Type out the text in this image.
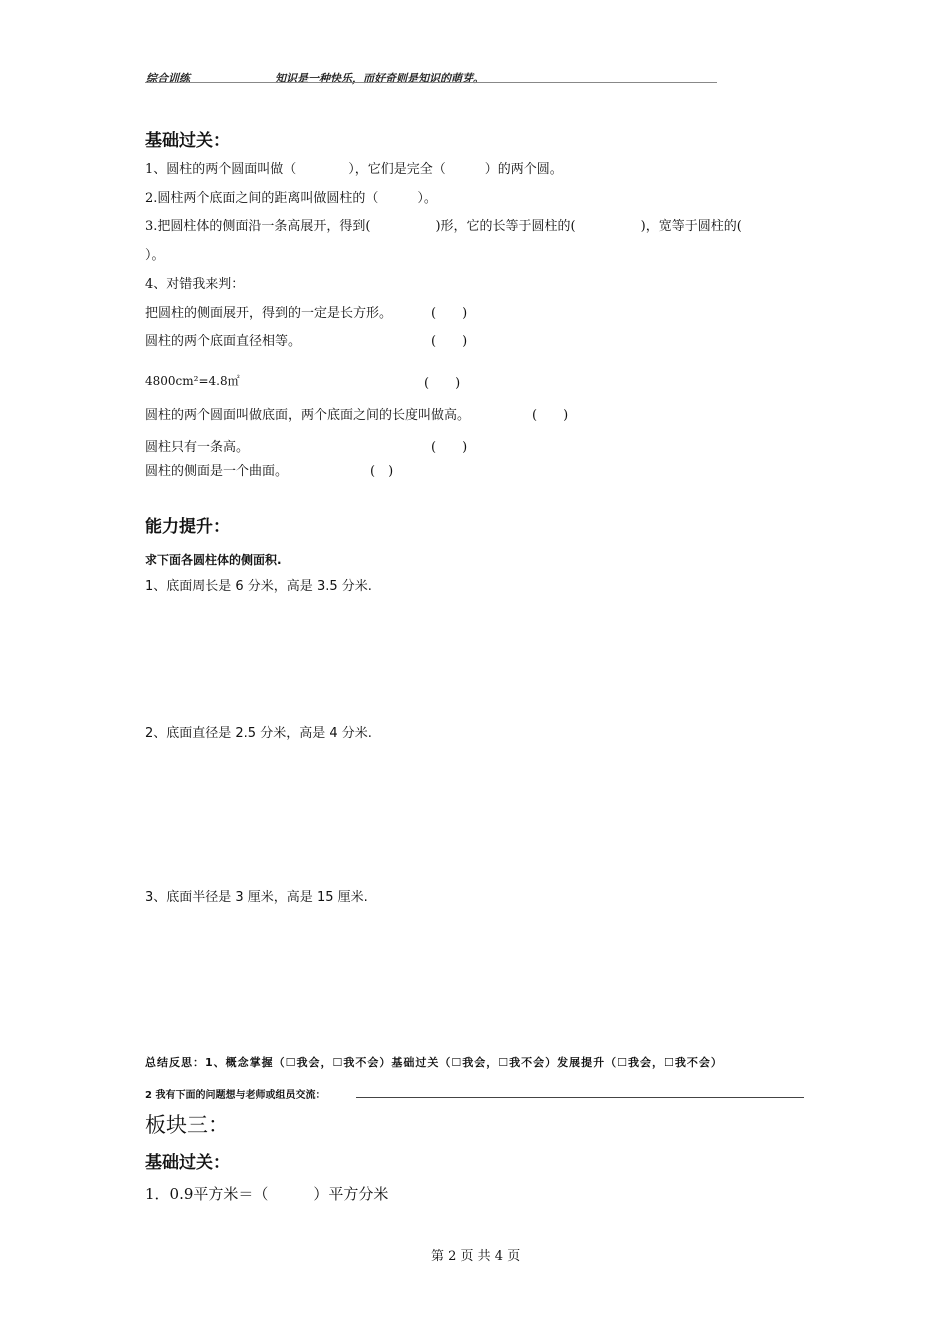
综合训练	知识是一种快乐，而好奇则是知识的萌芽。
基础过关：
1、圆柱的两个圆面叫做（　　　　），它们是完全（　　　）的两个圆。
2.圆柱两个底面之间的距离叫做圆柱的（　　　）。
3.把圆柱体的侧面沿一条高展开，得到(　　　　　)形，它的长等于圆柱的(　　　　　)，宽等于圆柱的(
）。
4、对错我来判：
把圆柱的侧面展开，得到的一定是长方形。	(　　)
圆柱的两个底面直径相等。	(　　)
4800cm²=4.8㎡	(　　)
圆柱的两个圆面叫做底面，两个底面之间的长度叫做高。	(　　)
圆柱只有一条高。	(　　)
圆柱的侧面是一个曲面。	(　)
能力提升：
求下面各圆柱体的侧面积.
1、底面周长是 6 分米，高是 3.5 分米.
2、底面直径是 2.5 分米，高是 4 分米.
3、底面半径是 3 厘米，高是 15 厘米.
总结反思：1、概念掌握（☐我会，☐我不会）基础过关（☐我会，☐我不会）发展提升（☐我会，☐我不会）
2 我有下面的问题想与老师或组员交流：
板块三：
基础过关：
1．0.9平方米＝（　　　）平方分米
第 2 页 共 4 页
